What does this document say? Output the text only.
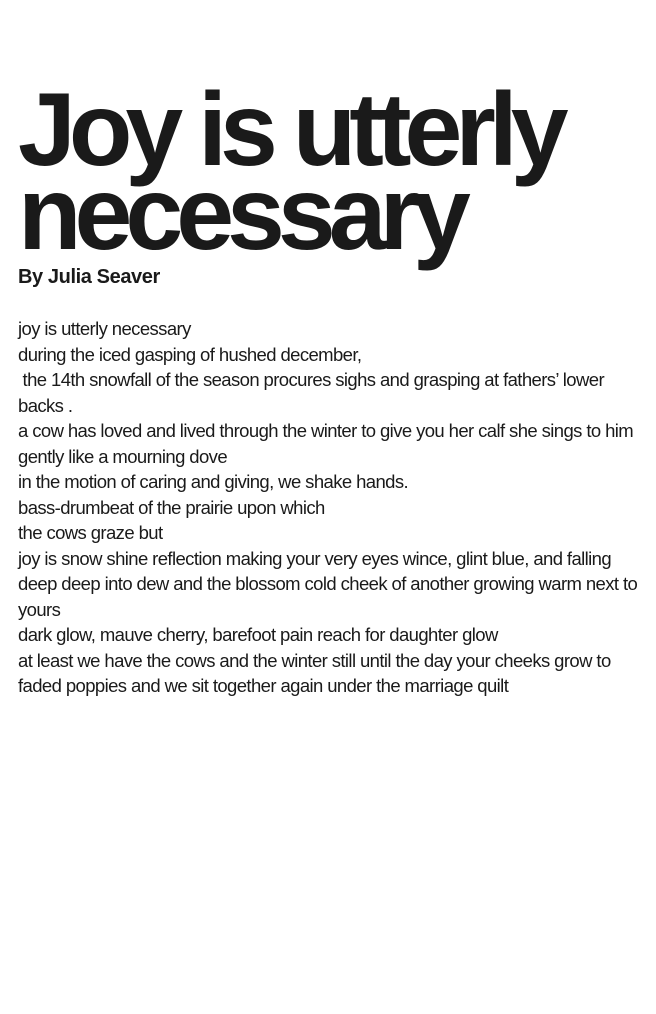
Joy is utterly
necessary

By Julia Seaver

joy is utterly necessary
during the iced gasping of hushed december,
the 14th snowfall of the season procures sighs and grasping at fathers’ lower backs .
a cow has loved and lived through the winter to give you her calf she sings to him gently like a mourning dove
in the motion of caring and giving, we shake hands.
bass-drumbeat of the prairie upon which
the cows graze but
joy is snow shine reflection making your very eyes wince, glint blue, and falling deep deep into dew and the blossom cold cheek of another growing warm next to yours
dark glow, mauve cherry, barefoot pain reach for daughter glow
at least we have the cows and the winter still until the day your cheeks grow to faded poppies and we sit together again under the marriage quilt
